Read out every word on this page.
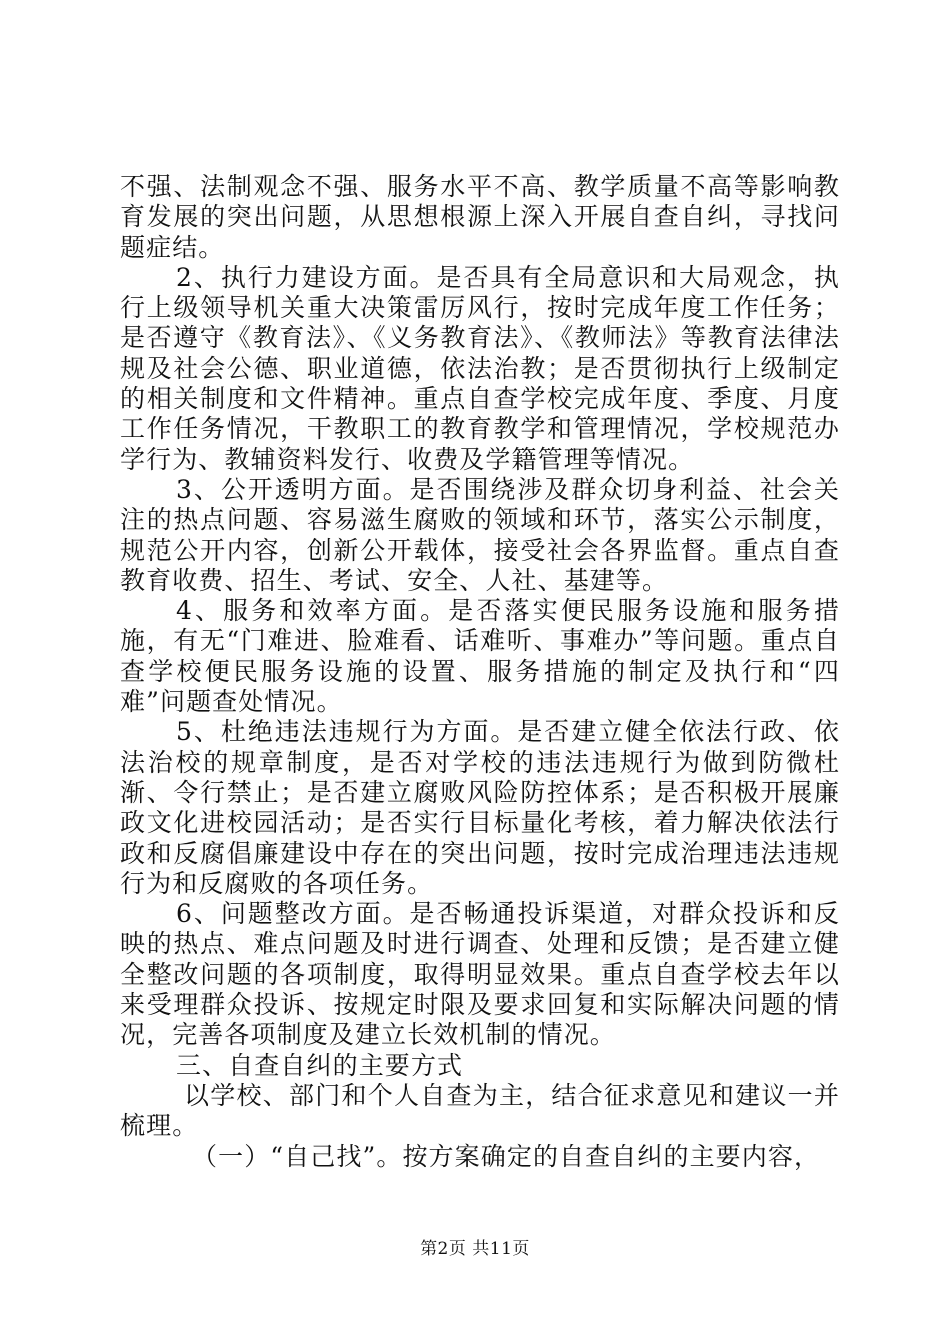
不强、法制观念不强、服务水平不高、教学质量不高等影响教育发展的突出问题，从思想根源上深入开展自查自纠，寻找问题症结。

2、执行力建设方面。是否具有全局意识和大局观念，执行上级领导机关重大决策雷厉风行，按时完成年度工作任务；是否遵守《教育法》、《义务教育法》、《教师法》等教育法律法规及社会公德、职业道德，依法治教；是否贯彻执行上级制定的相关制度和文件精神。重点自查学校完成年度、季度、月度工作任务情况，干教职工的教育教学和管理情况，学校规范办学行为、教辅资料发行、收费及学籍管理等情况。

3、公开透明方面。是否围绕涉及群众切身利益、社会关注的热点问题、容易滋生腐败的领域和环节，落实公示制度，规范公开内容，创新公开载体，接受社会各界监督。重点自查教育收费、招生、考试、安全、人社、基建等。

4、服务和效率方面。是否落实便民服务设施和服务措施，有无“门难进、脸难看、话难听、事难办”等问题。重点自查学校便民服务设施的设置、服务措施的制定及执行和“四难”问题查处情况。

5、杜绝违法违规行为方面。是否建立健全依法行政、依法治校的规章制度，是否对学校的违法违规行为做到防微杜渐、令行禁止；是否建立腐败风险防控体系；是否积极开展廉政文化进校园活动；是否实行目标量化考核，着力解决依法行政和反腐倡廉建设中存在的突出问题，按时完成治理违法违规行为和反腐败的各项任务。

6、问题整改方面。是否畅通投诉渠道，对群众投诉和反映的热点、难点问题及时进行调查、处理和反馈；是否建立健全整改问题的各项制度，取得明显效果。重点自查学校去年以来受理群众投诉、按规定时限及要求回复和实际解决问题的情况，完善各项制度及建立长效机制的情况。

三、自查自纠的主要方式

以学校、部门和个人自查为主，结合征求意见和建议一并梳理。

（一）“自己找”。按方案确定的自查自纠的主要内容，

第2页 共11页
